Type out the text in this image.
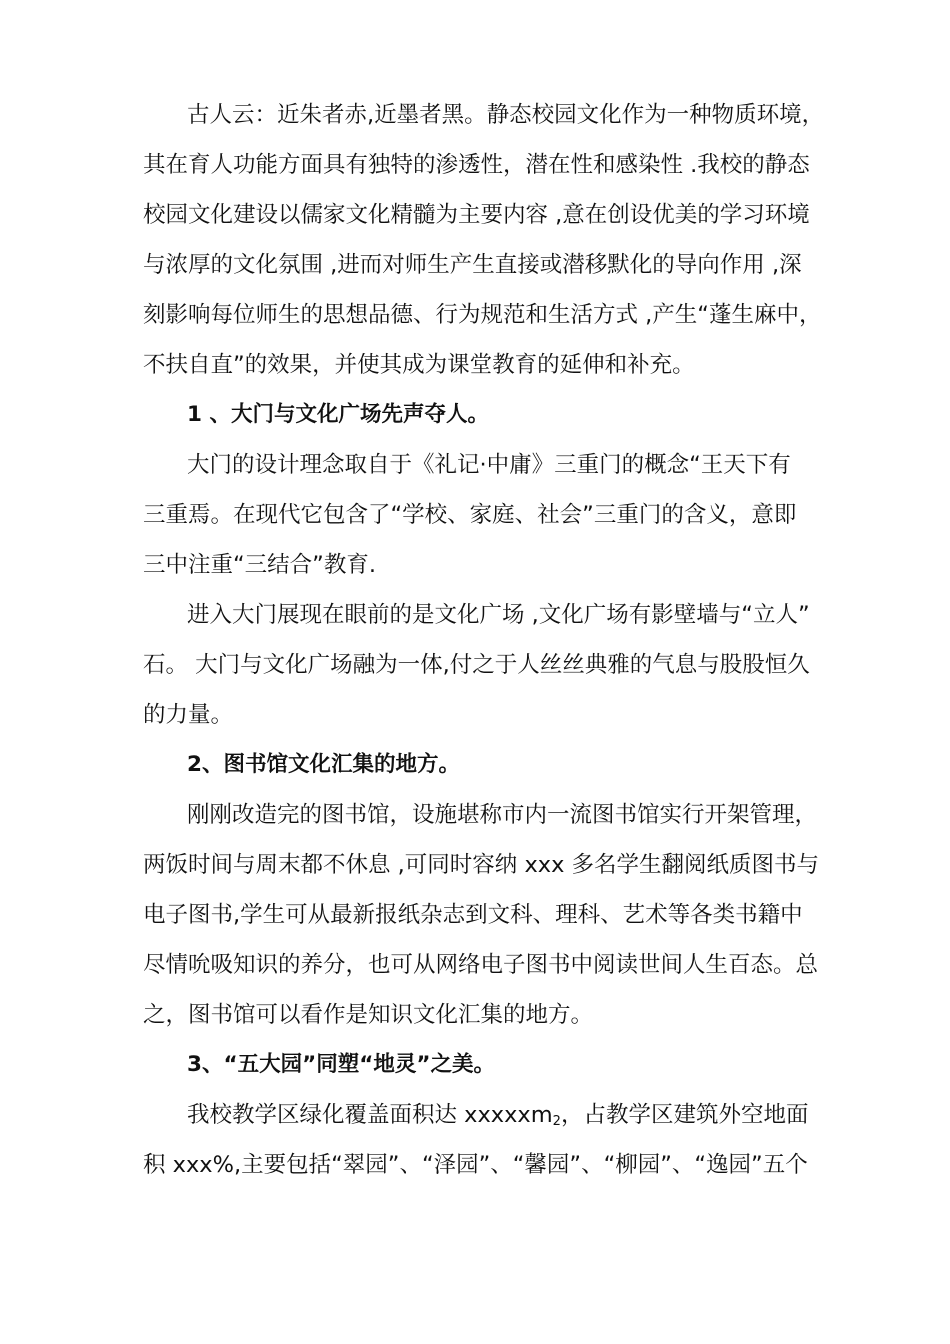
古人云：近朱者赤,近墨者黑。静态校园文化作为一种物质环境，
其在育人功能方面具有独特的渗透性，潜在性和感染性 .我校的静态
校园文化建设以儒家文化精髓为主要内容 ,意在创设优美的学习环境
与浓厚的文化氛围 ,进而对师生产生直接或潜移默化的导向作用 ,深
刻影响每位师生的思想品德、行为规范和生活方式 ,产生“蓬生麻中，
不扶自直”的效果，并使其成为课堂教育的延伸和补充。
1 、大门与文化广场先声夺人。
大门的设计理念取自于《礼记·中庸》三重门的概念“王天下有
三重焉。在现代它包含了“学校、家庭、社会”三重门的含义，意即
三中注重“三结合”教育.
进入大门展现在眼前的是文化广场 ,文化广场有影壁墙与“立人”
石。 大门与文化广场融为一体,付之于人丝丝典雅的气息与股股恒久
的力量。
2、图书馆文化汇集的地方。
刚刚改造完的图书馆，设施堪称市内一流图书馆实行开架管理，
两饭时间与周末都不休息 ,可同时容纳 xxx 多名学生翻阅纸质图书与
电子图书,学生可从最新报纸杂志到文科、理科、艺术等各类书籍中
尽情吮吸知识的养分，也可从网络电子图书中阅读世间人生百态。总
之，图书馆可以看作是知识文化汇集的地方。
3、“五大园”同塑“地灵”之美。
我校教学区绿化覆盖面积达 xxxxxm$_2$，占教学区建筑外空地面
积 xxx%,主要包括“翠园”、“泽园”、“馨园”、“柳园”、“逸园”五个
